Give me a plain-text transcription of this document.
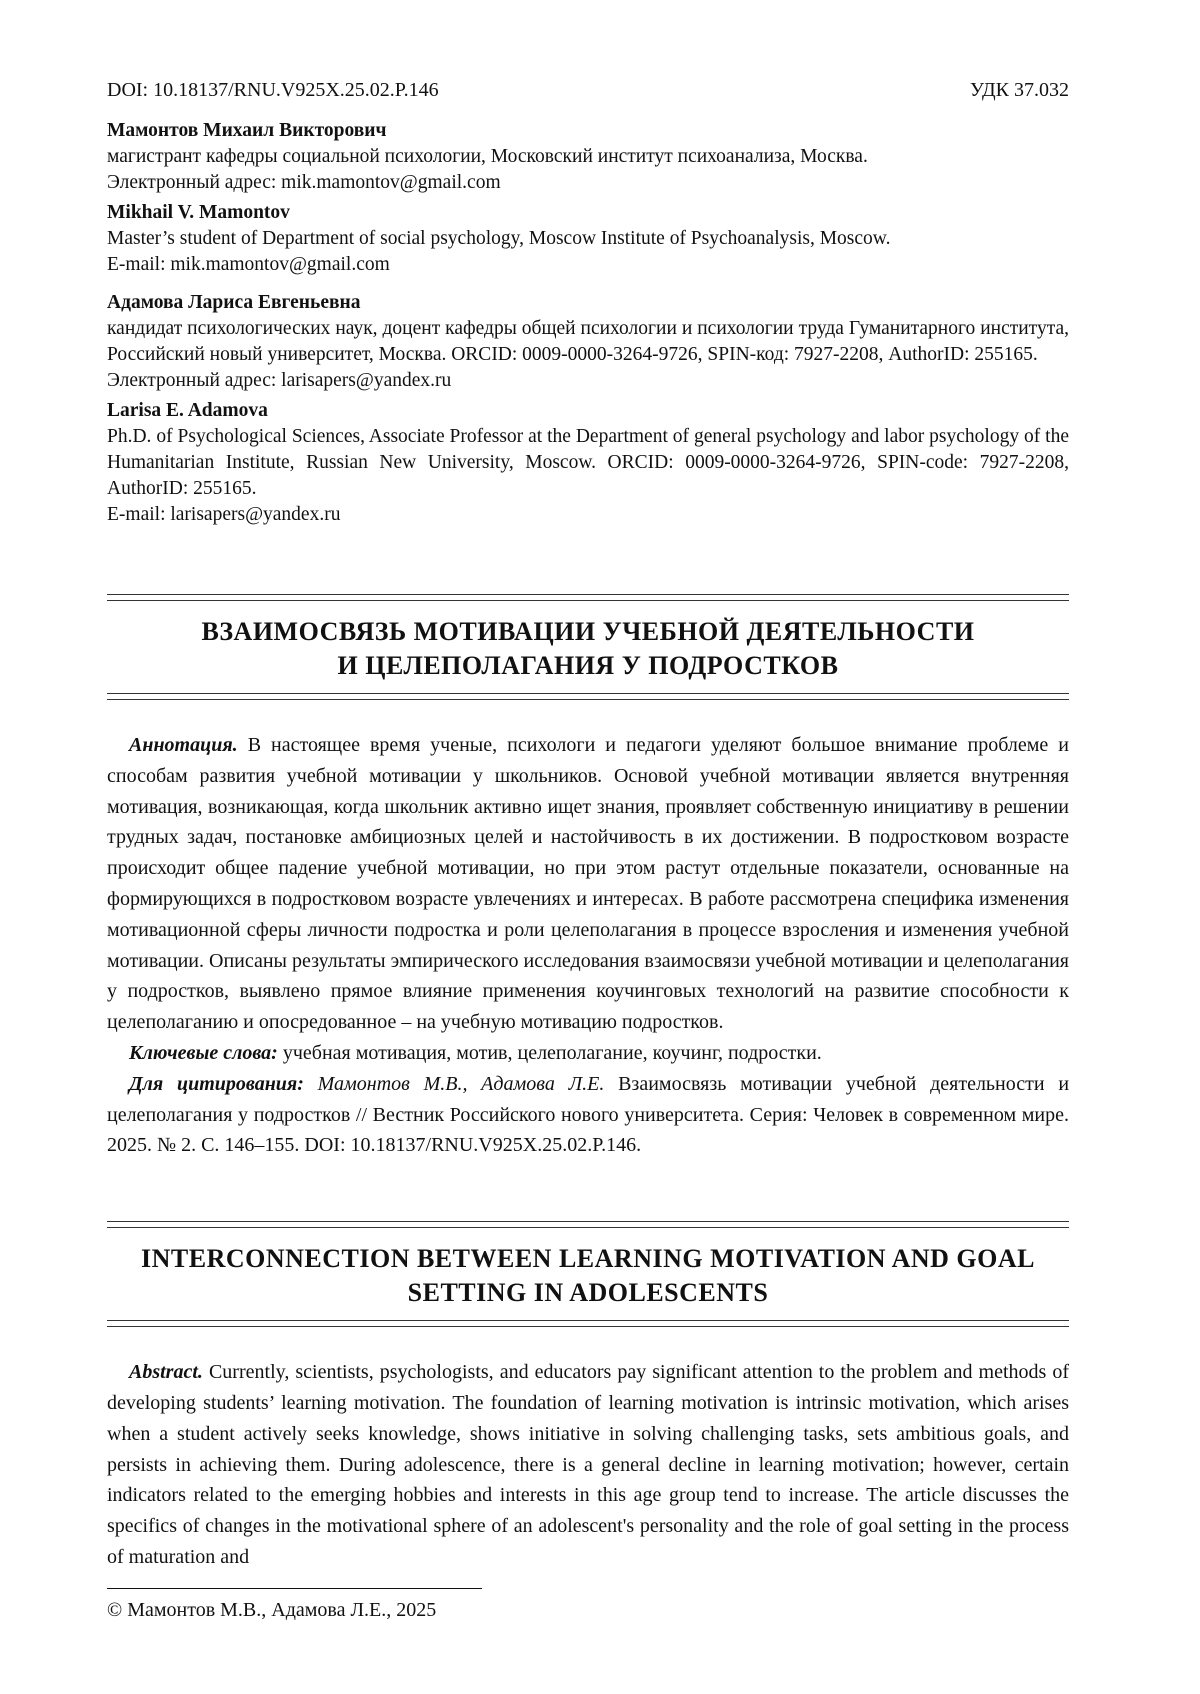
DOI: 10.18137/RNU.V925X.25.02.P.146	УДК 37.032
Мамонтов Михаил Викторович
магистрант кафедры социальной психологии, Московский институт психоанализа, Москва.
Электронный адрес: mik.mamontov@gmail.com
Mikhail V. Mamontov
Master’s student of Department of social psychology, Moscow Institute of Psychoanalysis, Moscow.
E-mail: mik.mamontov@gmail.com
Адамова Лариса Евгеньевна
кандидат психологических наук, доцент кафедры общей психологии и психологии труда Гуманитарного института, Российский новый университет, Москва. ORCID: 0009-0000-3264-9726, SPIN-код: 7927-2208, AuthorID: 255165.
Электронный адрес: larisapers@yandex.ru
Larisa E. Adamova
Ph.D. of Psychological Sciences, Associate Professor at the Department of general psychology and labor psychology of the Humanitarian Institute, Russian New University, Moscow. ORCID: 0009-0000-3264-9726, SPIN-code: 7927-2208, AuthorID: 255165.
E-mail: larisapers@yandex.ru
ВЗАИМОСВЯЗЬ МОТИВАЦИИ УЧЕБНОЙ ДЕЯТЕЛЬНОСТИ
И ЦЕЛЕПОЛАГАНИЯ У ПОДРОСТКОВ

Аннотация. В настоящее время ученые, психологи и педагоги уделяют большое внимание проблеме и способам развития учебной мотивации у школьников. Основой учебной мотивации является внутренняя мотивация, возникающая, когда школьник активно ищет знания, проявляет собственную инициативу в решении трудных задач, постановке амбициозных целей и настойчивость в их достижении. В подростковом возрасте происходит общее падение учебной мотивации, но при этом растут отдельные показатели, основанные на формирующихся в подростковом возрасте увлечениях и интересах. В работе рассмотрена специфика изменения мотивационной сферы личности подростка и роли целеполагания в процессе взросления и изменения учебной мотивации. Описаны результаты эмпирического исследования взаимосвязи учебной мотивации и целеполагания у подростков, выявлено прямое влияние применения коучинговых технологий на развитие способности к целеполаганию и опосредованное – на учебную мотивацию подростков.

Ключевые слова: учебная мотивация, мотив, целеполагание, коучинг, подростки.

Для цитирования: Мамонтов М.В., Адамова Л.Е. Взаимосвязь мотивации учебной деятельности и целеполагания у подростков // Вестник Российского нового университета. Серия: Человек в современном мире. 2025. № 2. С. 146–155. DOI: 10.18137/RNU.V925X.25.02.P.146.

INTERCONNECTION BETWEEN LEARNING MOTIVATION AND GOAL
SETTING IN ADOLESCENTS

Abstract. Currently, scientists, psychologists, and educators pay significant attention to the problem and methods of developing students’ learning motivation. The foundation of learning motivation is intrinsic motivation, which arises when a student actively seeks knowledge, shows initiative in solving challenging tasks, sets ambitious goals, and persists in achieving them. During adolescence, there is a general decline in learning motivation; however, certain indicators related to the emerging hobbies and interests in this age group tend to increase. The article discusses the specifics of changes in the motivational sphere of an adolescent's personality and the role of goal setting in the process of maturation and

© Мамонтов М.В., Адамова Л.Е., 2025
